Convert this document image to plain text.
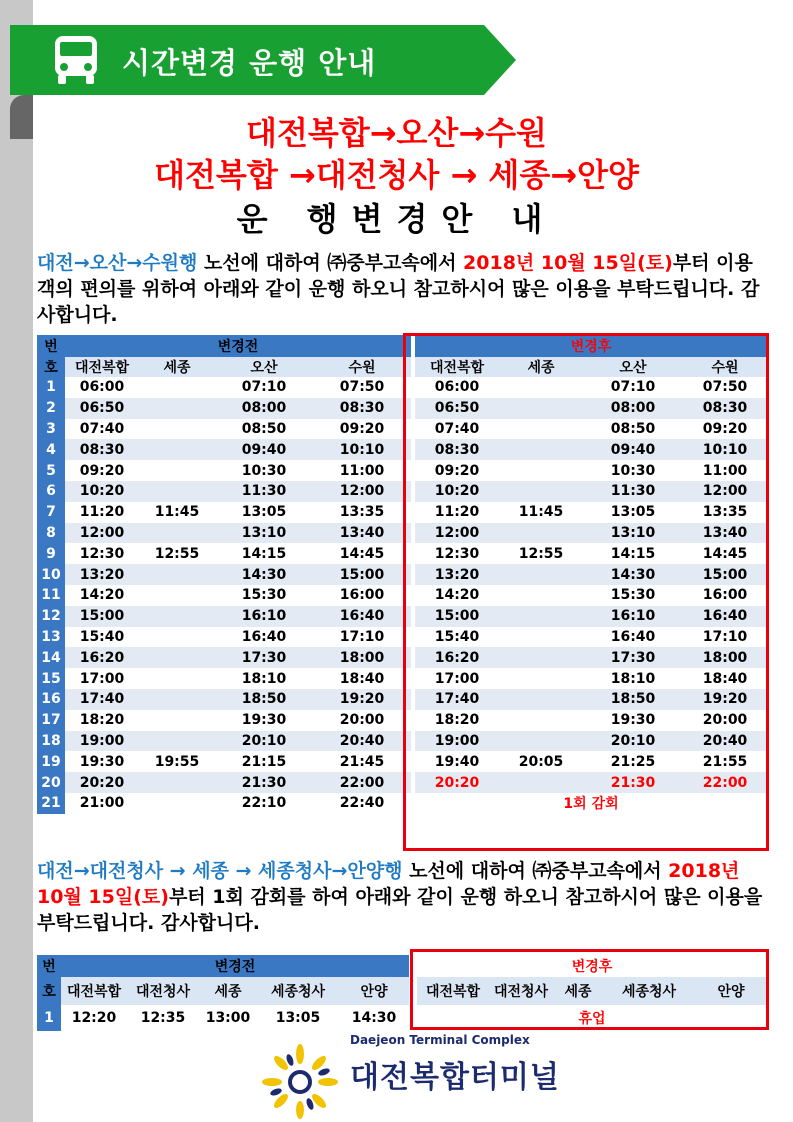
시간변경 운행 안내
대전복합→오산→수원
대전복합 →대전청사 → 세종→안양
운 행변경안 내
대전→오산→수원행 노선에 대하여 ㈜중부고속에서 2018년 10월 15일(토)부터 이용객의 편의를 위하여 아래와 같이 운행 하오니 참고하시어 많은 이용을 부탁드립니다. 감사합니다.
번	변경전					변경후			
호	대전복합	세종	오산	수원		대전복합	세종	오산	수원
1	06:00		07:10	07:50		06:00		07:10	07:50
2	06:50		08:00	08:30		06:50		08:00	08:30
3	07:40		08:50	09:20		07:40		08:50	09:20
4	08:30		09:40	10:10		08:30		09:40	10:10
5	09:20		10:30	11:00		09:20		10:30	11:00
6	10:20		11:30	12:00		10:20		11:30	12:00
7	11:20	11:45	13:05	13:35		11:20	11:45	13:05	13:35
8	12:00		13:10	13:40		12:00		13:10	13:40
9	12:30	12:55	14:15	14:45		12:30	12:55	14:15	14:45
10	13:20		14:30	15:00		13:20		14:30	15:00
11	14:20		15:30	16:00		14:20		15:30	16:00
12	15:00		16:10	16:40		15:00		16:10	16:40
13	15:40		16:40	17:10		15:40		16:40	17:10
14	16:20		17:30	18:00		16:20		17:30	18:00
15	17:00		18:10	18:40		17:00		18:10	18:40
16	17:40		18:50	19:20		17:40		18:50	19:20
17	18:20		19:30	20:00		18:20		19:30	20:00
18	19:00		20:10	20:40		19:00		20:10	20:40
19	19:30	19:55	21:15	21:45		19:40	20:05	21:25	21:55
20	20:20		21:30	22:00		20:20		21:30	22:00
21	21:00		22:10	22:40		1회 감회			
대전→대전청사 → 세종 → 세종청사→안양행 노선에 대하여 ㈜중부고속에서 2018년 10월 15일(토)부터 1회 감회를 하여 아래와 같이 운행 하오니 참고하시어 많은 이용을 부탁드립니다. 감사합니다.
번	변경전						변경후				
호	대전복합	대전청사	세종	세종청사	안양		대전복합	대전청사	세종	세종청사	안양
1	12:20	12:35	13:00	13:05	14:30		휴업				
Daejeon Terminal Complex
대전복합터미널
